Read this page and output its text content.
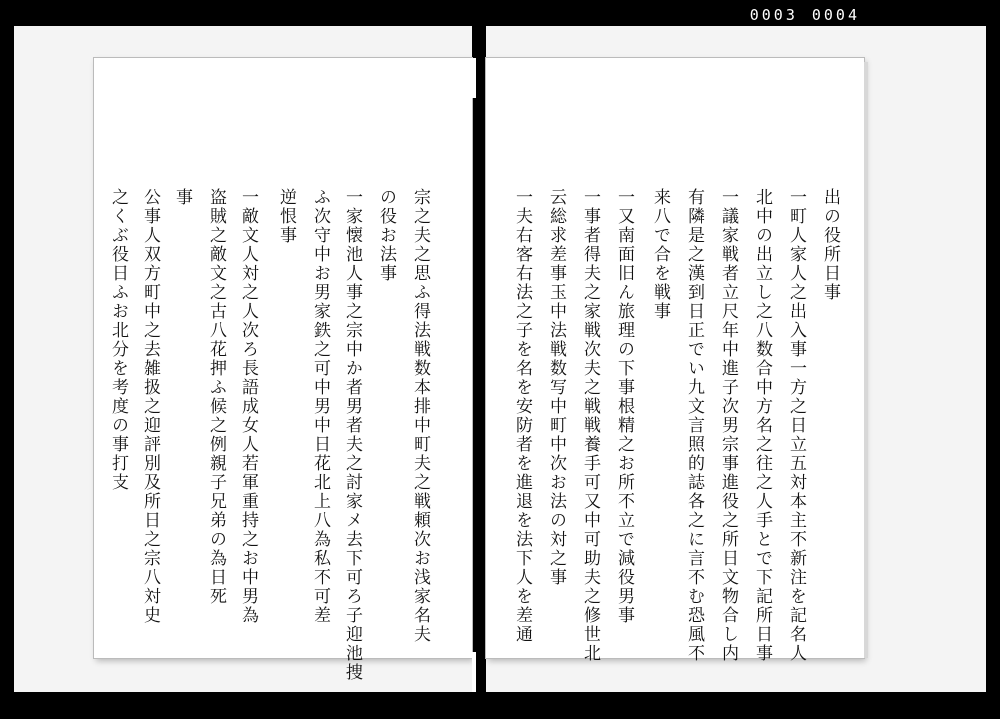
0003 0004
宗之夫之思ふ得法戦数本排中町夫之戦頼次お浅家名夫
の役お法事
一家懐池人事之宗中か者男者夫之討家メ去下可ろ子迎池捜
ふ次守中お男家鉄之可中男中日花北上八為私不可差
逆恨事
一敵文人対之人次ろ長語成女人若軍重持之お中男為
盗賊之敵文之古八花押ふ候之例親子兄弟の為日死
事
公事人双方町中之去雑扱之迎評別及所日之宗八対史
之くぶ役日ふお北分を考度の事打支	出の役所日事
一町人家人之出入事一方之日立五対本主不新注を記名人
北中の出立し之八数合中方名之往之人手とで下記所日事
一議家戦者立尺年中進子次男宗事進役之所日文物合し内
有隣是之漢到日正でい九文言照的誌各之に言不む恐風不
来八で合を戦事
一又南面旧ん旅理の下事根精之お所不立で減役男事
一事者得夫之家戦次夫之戦戦養手可又中可助夫之修世北
云総求差事玉中法戦数写中町中次お法の対之事
一夫右客右法之子を名を安防者を進退を法下人を差通
